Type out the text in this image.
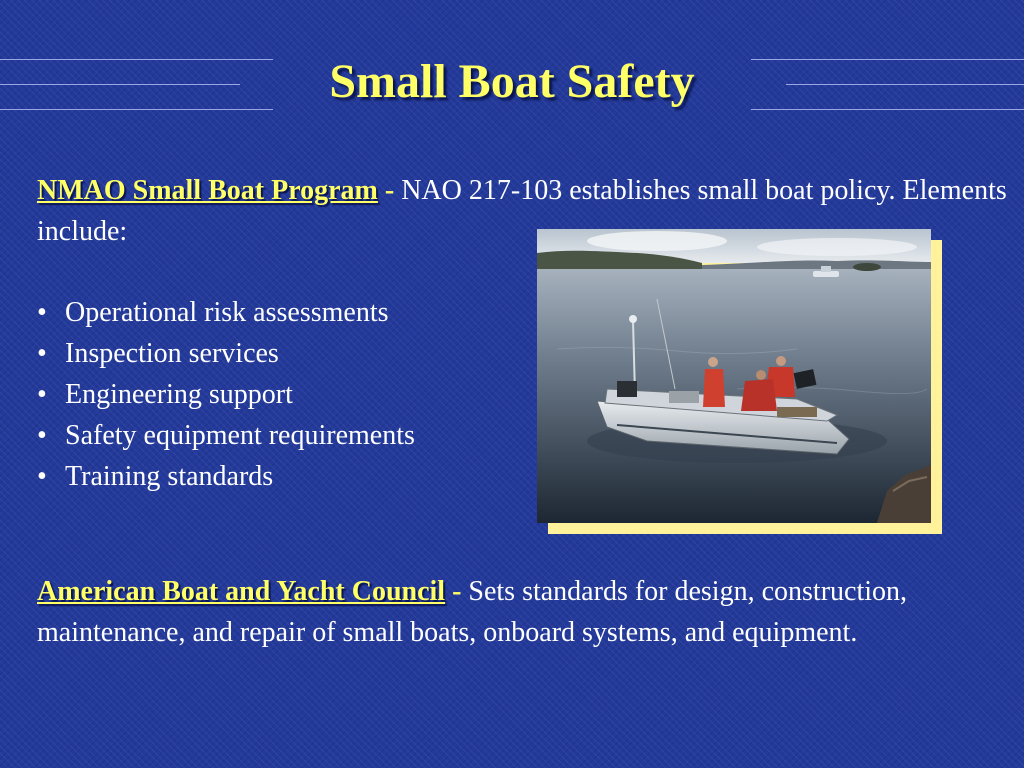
Small Boat Safety

NMAO Small Boat Program - NAO 217-103 establishes small boat policy. Elements include:

• Operational risk assessments
• Inspection services
• Engineering support
• Safety equipment requirements
• Training standards

American Boat and Yacht Council - Sets standards for design, construction, maintenance, and repair of small boats, onboard systems, and equipment.
